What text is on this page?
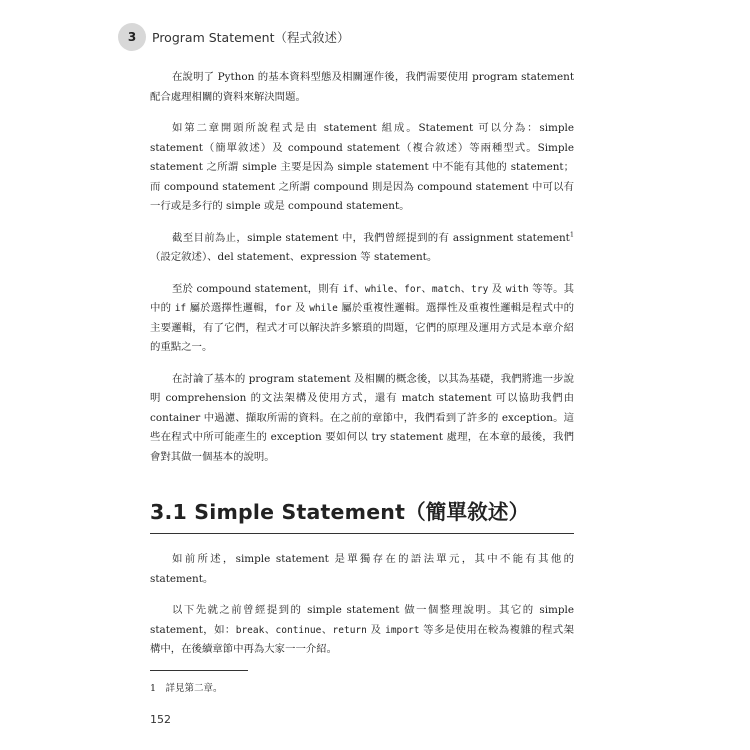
3	Program Statement（程式敘述）

在說明了 Python 的基本資料型態及相關運作後，我們需要使用 program statement 配合處理相關的資料來解決問題。

如第二章開頭所說程式是由 statement 組成。Statement 可以分為：simple statement（簡單敘述）及 compound statement（複合敘述）等兩種型式。Simple statement 之所謂 simple 主要是因為 simple statement 中不能有其他的 statement；而 compound statement 之所謂 compound 則是因為 compound statement 中可以有一行或是多行的 simple 或是 compound statement。

截至目前為止，simple statement 中，我們曾經提到的有 assignment statement$^1$（設定敘述）、del statement、expression 等 statement。

至於 compound statement，則有 if、while、for、match、try 及 with 等等。其中的 if 屬於選擇性邏輯，for 及 while 屬於重複性邏輯。選擇性及重複性邏輯是程式中的主要邏輯，有了它們，程式才可以解決許多繁瑣的問題，它們的原理及運用方式是本章介紹的重點之一。

在討論了基本的 program statement 及相關的概念後，以其為基礎，我們將進一步說明 comprehension 的文法架構及使用方式，還有 match statement 可以協助我們由 container 中過濾、擷取所需的資料。在之前的章節中，我們看到了許多的 exception。這些在程式中所可能產生的 exception 要如何以 try statement 處理，在本章的最後，我們會對其做一個基本的說明。

3.1 Simple Statement（簡單敘述）

如前所述，simple statement 是單獨存在的語法單元，其中不能有其他的 statement。

以下先就之前曾經提到的 simple statement 做一個整理說明。其它的 simple statement，如：break、continue、return 及 import 等多是使用在較為複雜的程式架構中，在後續章節中再為大家一一介紹。

1　詳見第二章。
152
